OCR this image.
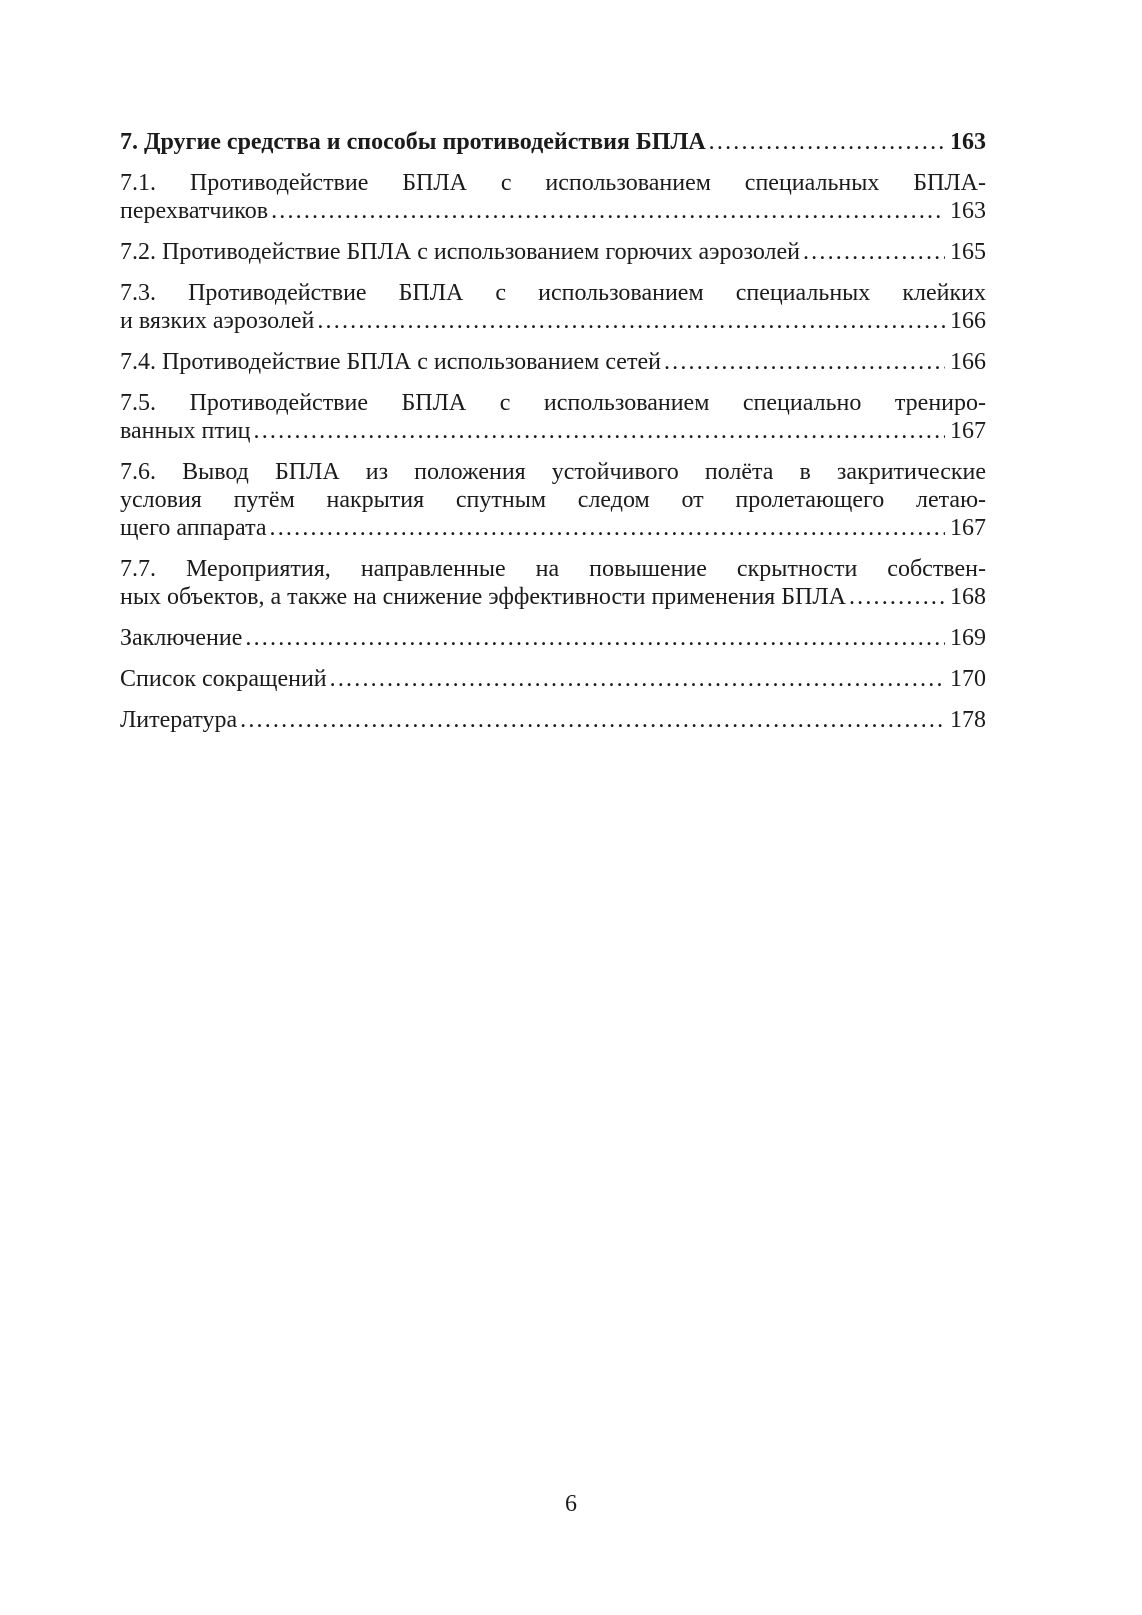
7. Другие средства и способы противодействия БПЛА .....	163
7.1. Противодействие БПЛА с использованием специальных БПЛА-
перехватчиков .....	163
7.2. Противодействие БПЛА с использованием горючих аэрозолей .....	165
7.3. Противодействие БПЛА с использованием специальных клейких
и вязких аэрозолей .....	166
7.4. Противодействие БПЛА с использованием сетей .....	166
7.5. Противодействие БПЛА с использованием специально трениро-
ванных птиц .....	167
7.6. Вывод БПЛА из положения устойчивого полёта в закритические
условия путём накрытия спутным следом от пролетающего летаю-
щего аппарата .....	167
7.7. Мероприятия, направленные на повышение скрытности собствен-
ных объектов, а также на снижение эффективности применения БПЛА .....	168
Заключение .....	169
Список сокращений .....	170
Литература .....	178
6
